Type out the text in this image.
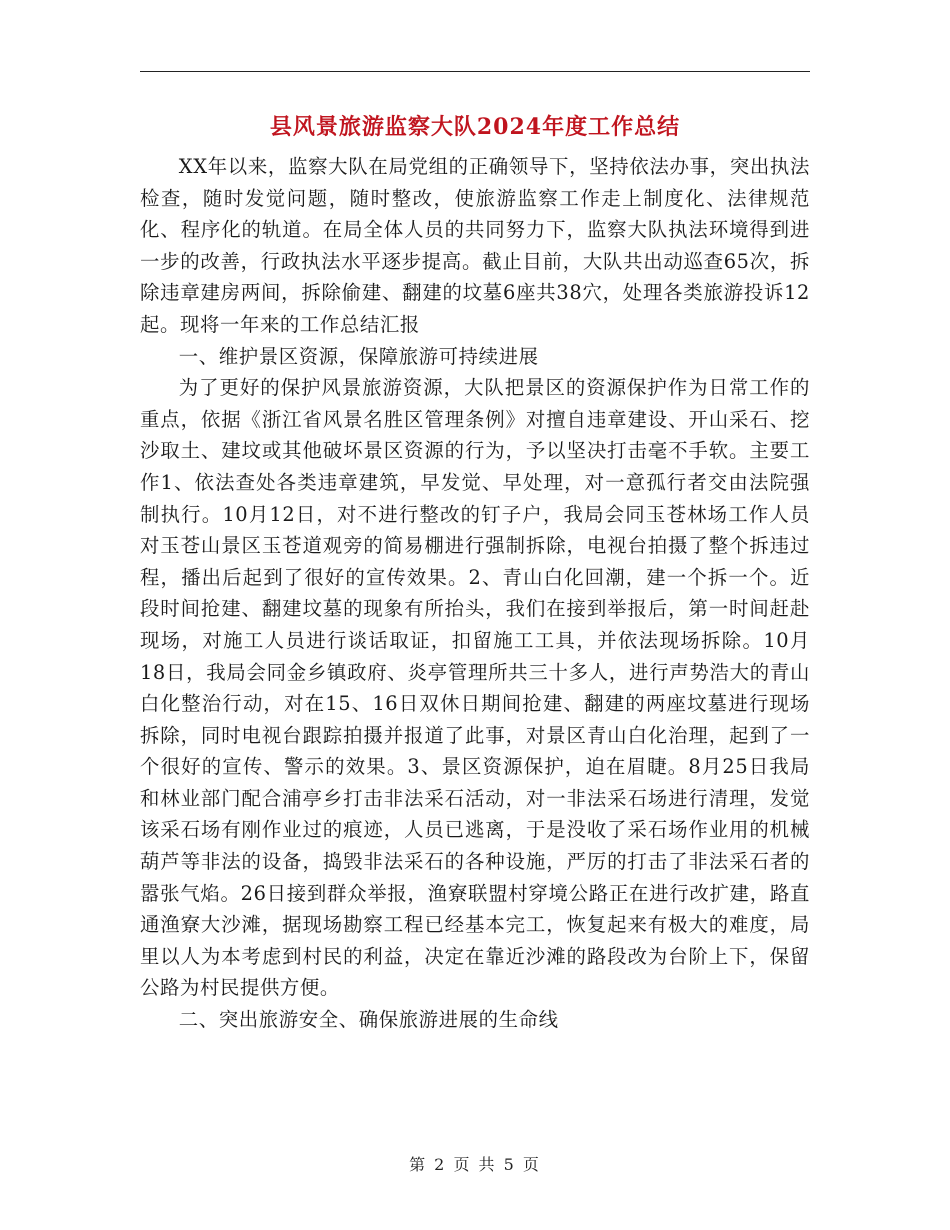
县风景旅游监察大队2024年度工作总结

XX年以来，监察大队在局党组的正确领导下，坚持依法办事，突出执法检查，随时发觉问题，随时整改，使旅游监察工作走上制度化、法律规范化、程序化的轨道。在局全体人员的共同努力下，监察大队执法环境得到进一步的改善，行政执法水平逐步提高。截止目前，大队共出动巡查65次，拆除违章建房两间，拆除偷建、翻建的坟墓6座共38穴，处理各类旅游投诉12起。现将一年来的工作总结汇报

一、维护景区资源，保障旅游可持续进展

为了更好的保护风景旅游资源，大队把景区的资源保护作为日常工作的重点，依据《浙江省风景名胜区管理条例》对擅自违章建设、开山采石、挖沙取土、建坟或其他破坏景区资源的行为，予以坚决打击毫不手软。主要工作1、依法查处各类违章建筑，早发觉、早处理，对一意孤行者交由法院强制执行。10月12日，对不进行整改的钉子户，我局会同玉苍林场工作人员对玉苍山景区玉苍道观旁的简易棚进行强制拆除，电视台拍摄了整个拆违过程，播出后起到了很好的宣传效果。2、青山白化回潮，建一个拆一个。近段时间抢建、翻建坟墓的现象有所抬头，我们在接到举报后，第一时间赶赴现场，对施工人员进行谈话取证，扣留施工工具，并依法现场拆除。10月18日，我局会同金乡镇政府、炎亭管理所共三十多人，进行声势浩大的青山白化整治行动，对在15、16日双休日期间抢建、翻建的两座坟墓进行现场拆除，同时电视台跟踪拍摄并报道了此事，对景区青山白化治理，起到了一个很好的宣传、警示的效果。3、景区资源保护，迫在眉睫。8月25日我局和林业部门配合浦亭乡打击非法采石活动，对一非法采石场进行清理，发觉该采石场有刚作业过的痕迹，人员已逃离，于是没收了采石场作业用的机械葫芦等非法的设备，捣毁非法采石的各种设施，严厉的打击了非法采石者的嚣张气焰。26日接到群众举报，渔寮联盟村穿境公路正在进行改扩建，路直通渔寮大沙滩，据现场勘察工程已经基本完工，恢复起来有极大的难度，局里以人为本考虑到村民的利益，决定在靠近沙滩的路段改为台阶上下，保留公路为村民提供方便。

二、突出旅游安全、确保旅游进展的生命线

第 2 页 共 5 页
